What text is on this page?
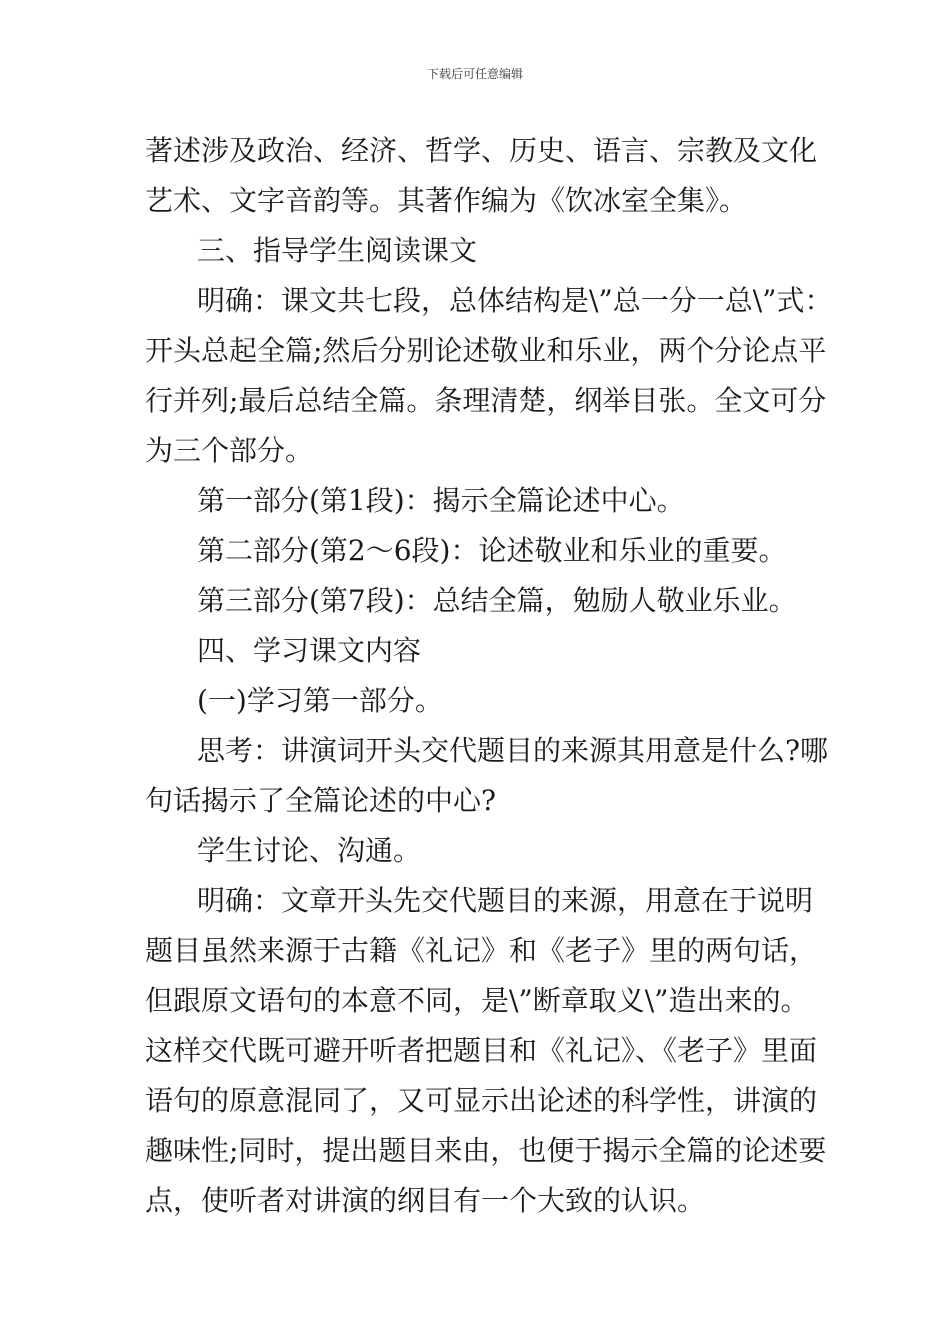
下载后可任意编辑

著述涉及政治、经济、哲学、历史、语言、宗教及文化艺术、文字音韵等。其著作编为《饮冰室全集》。

三、指导学生阅读课文

明确：课文共七段，总体结构是\”总一分一总\”式：开头总起全篇;然后分别论述敬业和乐业，两个分论点平行并列;最后总结全篇。条理清楚，纲举目张。全文可分为三个部分。

第一部分(第1段)：揭示全篇论述中心。

第二部分(第2～6段)：论述敬业和乐业的重要。

第三部分(第7段)：总结全篇，勉励人敬业乐业。

四、学习课文内容

(一)学习第一部分。

思考：讲演词开头交代题目的来源其用意是什么?哪句话揭示了全篇论述的中心?

学生讨论、沟通。

明确：文章开头先交代题目的来源，用意在于说明题目虽然来源于古籍《礼记》和《老子》里的两句话，但跟原文语句的本意不同，是\”断章取义\”造出来的。这样交代既可避开听者把题目和《礼记》、《老子》里面语句的原意混同了，又可显示出论述的科学性，讲演的趣味性;同时，提出题目来由，也便于揭示全篇的论述要点，使听者对讲演的纲目有一个大致的认识。
